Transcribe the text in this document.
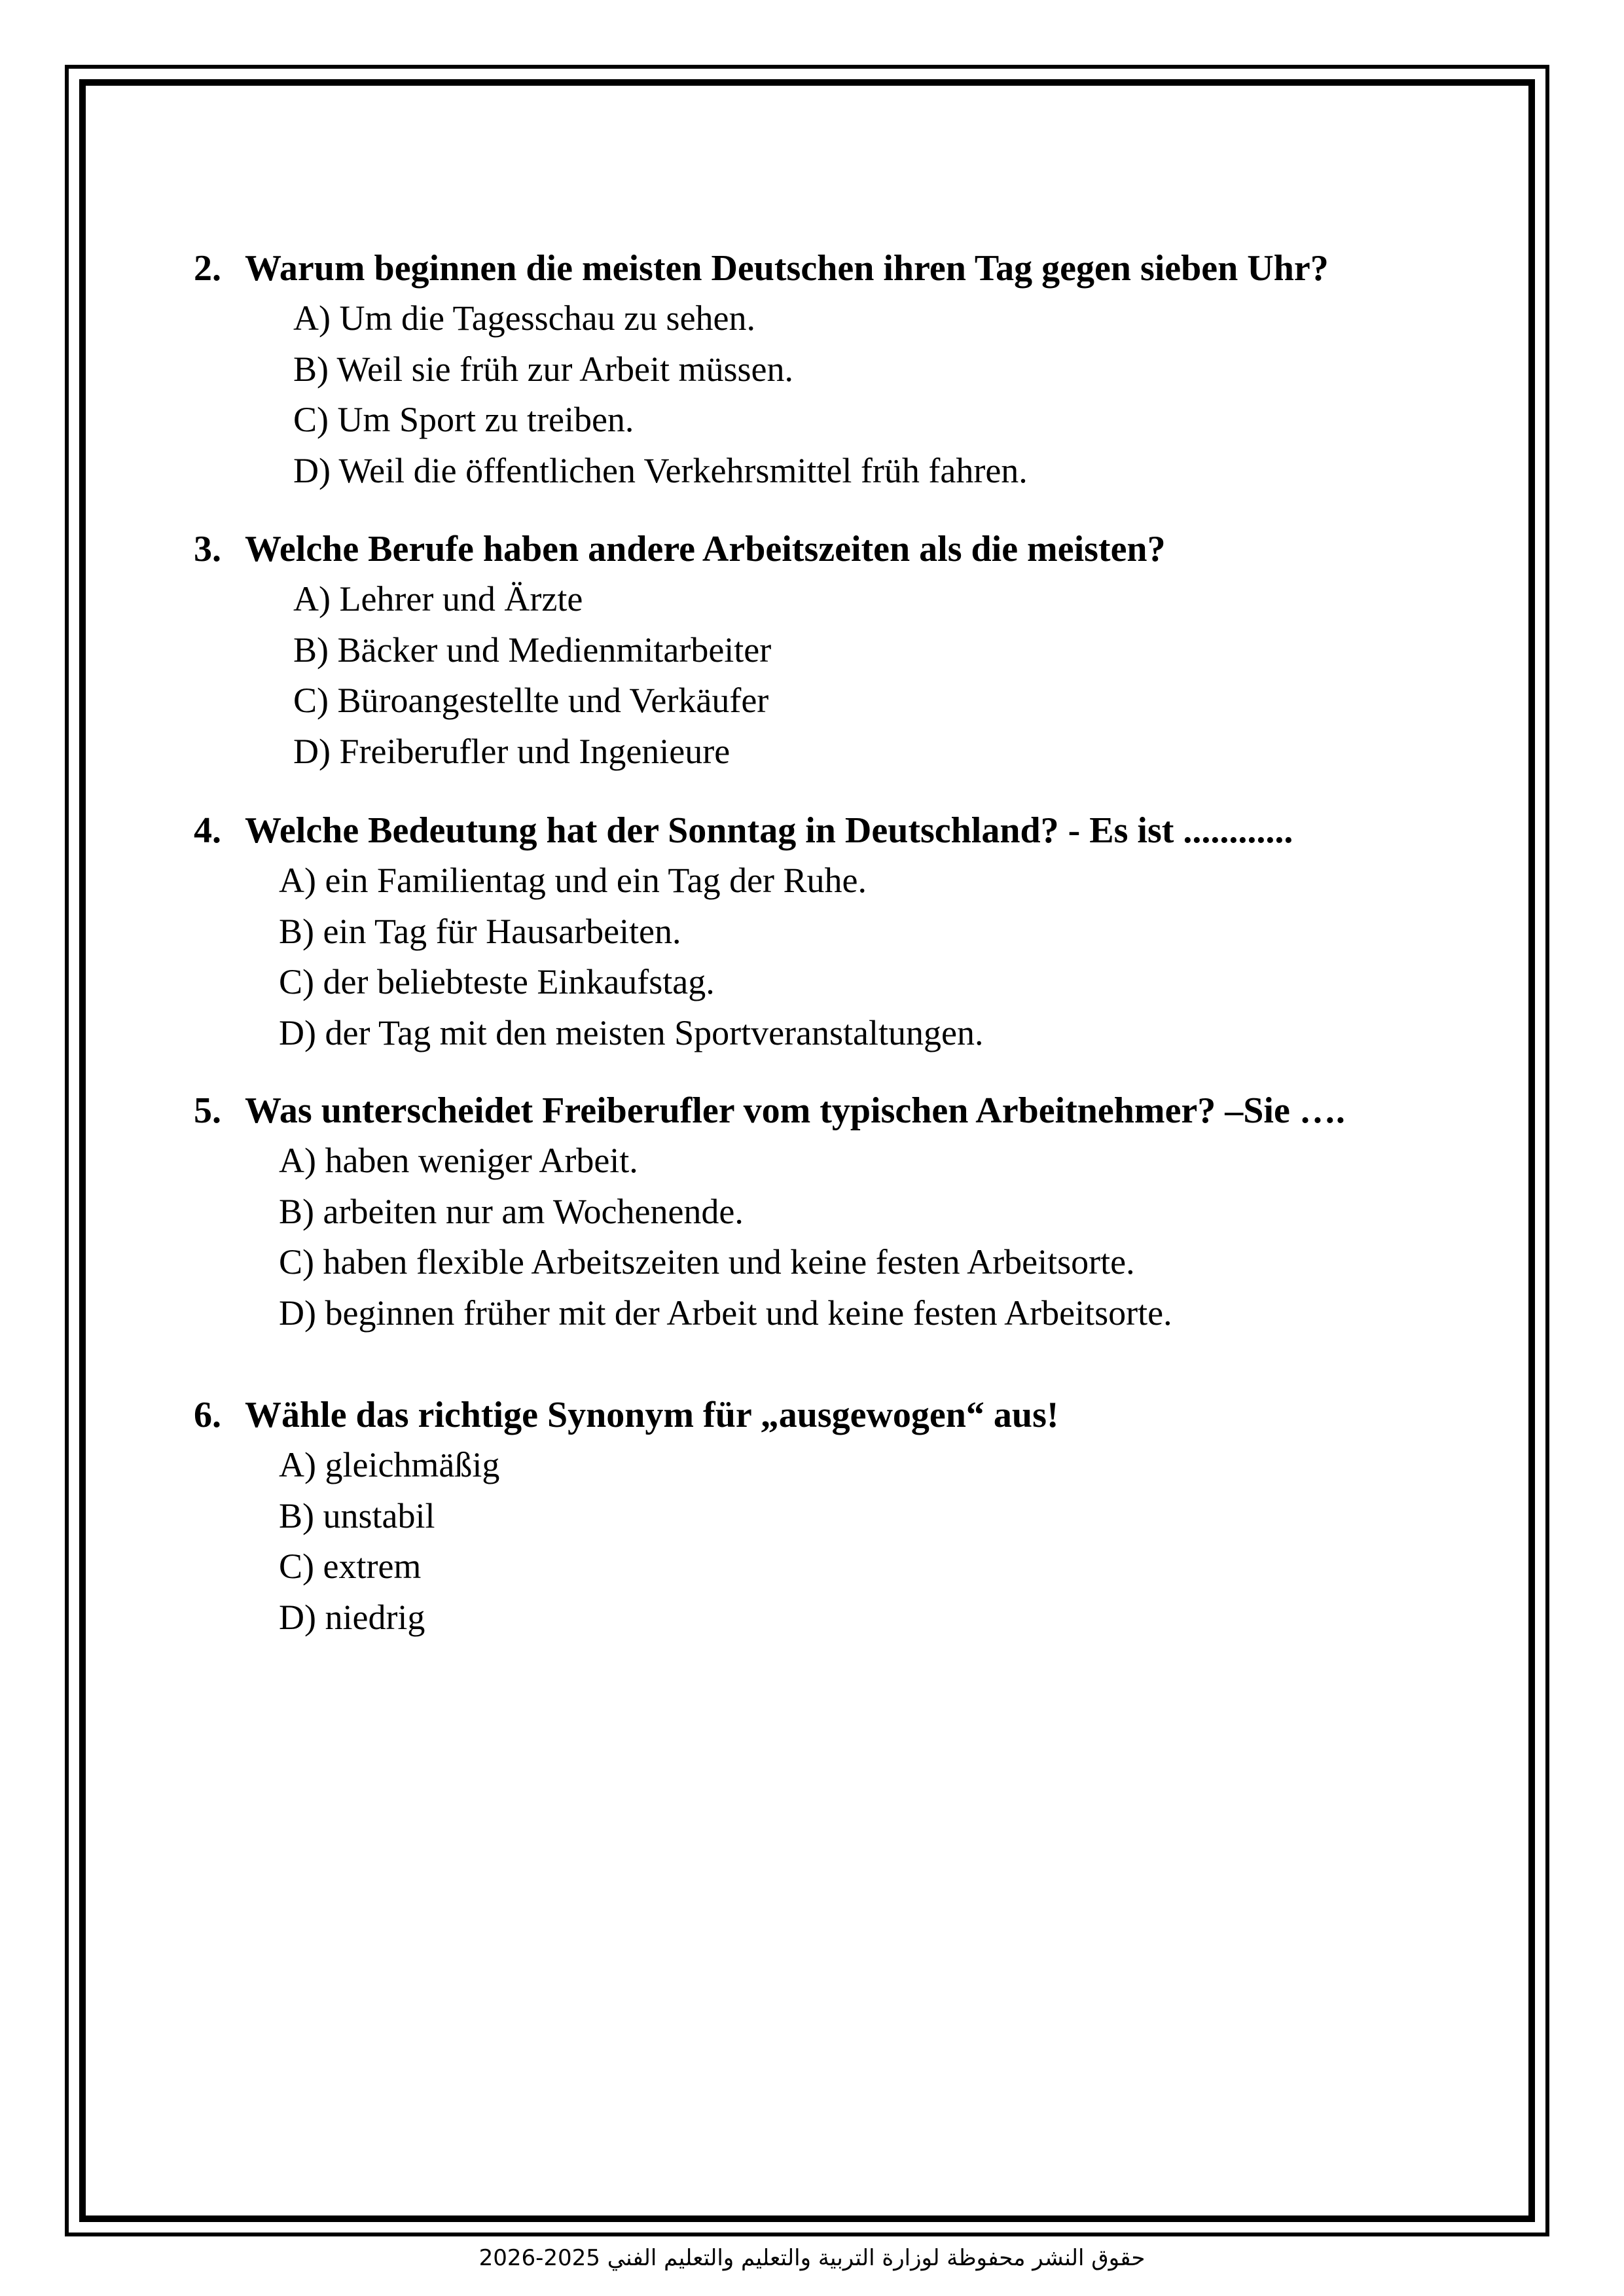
2. Warum beginnen die meisten Deutschen ihren Tag gegen sieben Uhr?
A) Um die Tagesschau zu sehen.
B) Weil sie früh zur Arbeit müssen.
C) Um Sport zu treiben.
D) Weil die öffentlichen Verkehrsmittel früh fahren.
3. Welche Berufe haben andere Arbeitszeiten als die meisten?
A) Lehrer und Ärzte
B) Bäcker und Medienmitarbeiter
C) Büroangestellte und Verkäufer
D) Freiberufler und Ingenieure
4. Welche Bedeutung hat der Sonntag in Deutschland? - Es ist ............
A) ein Familientag und ein Tag der Ruhe.
B) ein Tag für Hausarbeiten.
C) der beliebteste Einkaufstag.
D) der Tag mit den meisten Sportveranstaltungen.
5. Was unterscheidet Freiberufler vom typischen Arbeitnehmer? –Sie ….
A) haben weniger Arbeit.
B) arbeiten nur am Wochenende.
C) haben flexible Arbeitszeiten und keine festen Arbeitsorte.
D) beginnen früher mit der Arbeit und keine festen Arbeitsorte.
6. Wähle das richtige Synonym für „ausgewogen“ aus!
A) gleichmäßig
B) unstabil
C) extrem
D) niedrig
حقوق النشر محفوظة لوزارة التربية والتعليم والتعليم الفني 2025-2026
